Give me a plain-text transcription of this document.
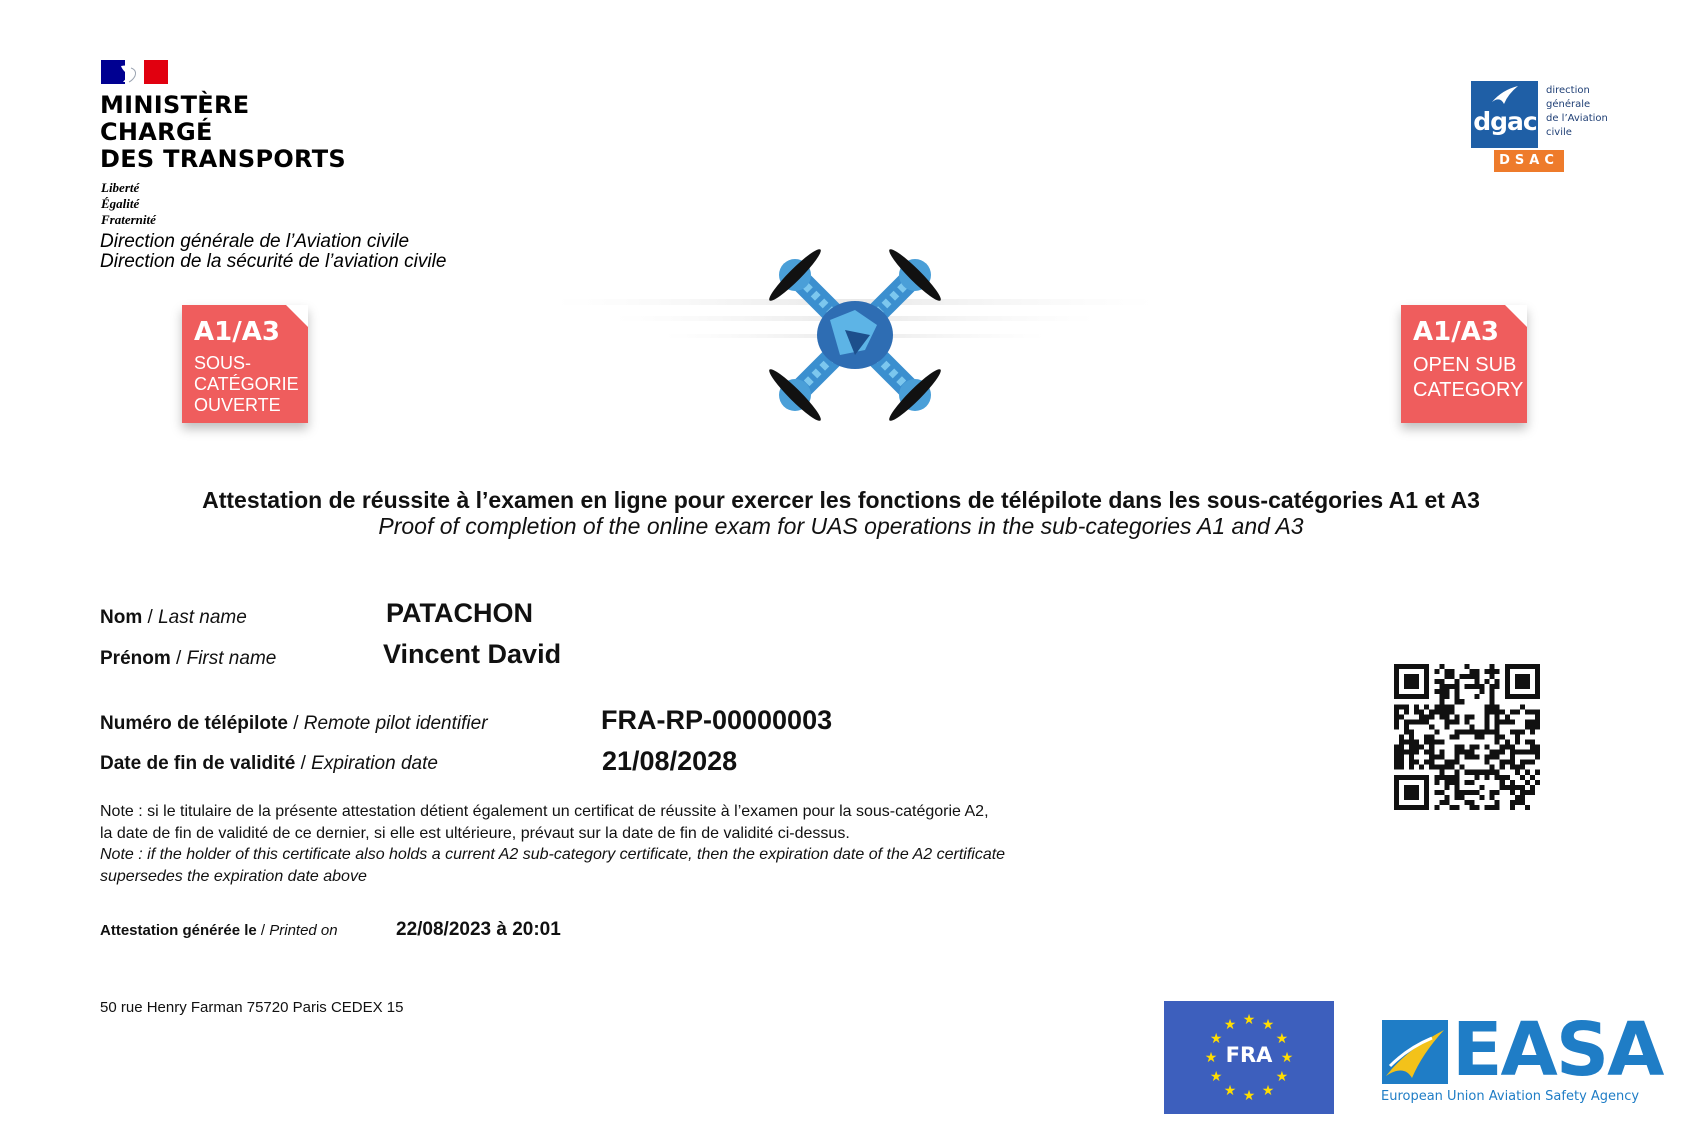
MINISTÈRE
CHARGÉ
DES TRANSPORTS
Liberté
Égalité
Fraternité
Direction générale de l’Aviation civile
Direction de la sécurité de l’aviation civile
dgac
direction
générale
de l’Aviation
civile
DSAC
A1/A3
SOUS-
CATÉGORIE
OUVERTE
A1/A3
OPEN SUB
CATEGORY
Attestation de réussite à l’examen en ligne pour exercer les fonctions de télépilote dans les sous-catégories A1 et A3
Proof of completion of the online exam for UAS operations in the sub-categories A1 and A3
Nom / Last name	PATACHON
Prénom / First name	Vincent David
Numéro de télépilote / Remote pilot identifier	FRA-RP-00000003
Date de fin de validité / Expiration date	21/08/2028
Note : si le titulaire de la présente attestation détient également un certificat de réussite à l’examen pour la sous-catégorie A2,
la date de fin de validité de ce dernier, si elle est ultérieure, prévaut sur la date de fin de validité ci-dessus.
Note : if the holder of this certificate also holds a current A2 sub-category certificate, then the expiration date of the A2 certificate
supersedes the expiration date above
Attestation générée le / Printed on	22/08/2023 à 20:01
50 rue Henry Farman 75720 Paris CEDEX 15
★ ★
★
★
★
★
★
★
★
★
★
★
FRA	EASA
European Union Aviation Safety Agency
